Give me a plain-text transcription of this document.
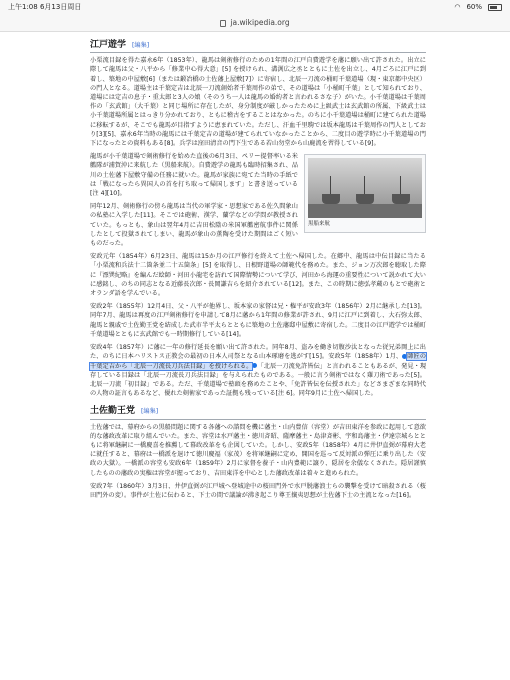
上午1:08 6月13日周日	◠ 60%
ja.wikipedia.org
江戸遊学 [編集]

小栗流目録を得た嘉永6年（1853年）、龍馬は剣術修行のための1年間の江戸自費遊学を藩に願い出て許された。出立に際して龍馬は父・八平から「修業中心得大意」[5] を授けられ、溝渕広之丞とともに土佐を出立し、4月ごろに江戸に到着し、築地の中屋敷[6]（または鍛冶橋の土佐藩上屋敷[7]）に寄宿し、北辰一刀流の桶町千葉道場（現・東京都中央区）の門人となる。道場主は千葉定吉は北辰一刀流創始者千葉周作の弟で、その道場は「小桶町千葉」として知られており、道場には定吉の息子・重太郎と3人の娘（そのうち一人は龍馬の婚約者と言われるさな子）がいた。小千葉道場は千葉周作の「玄武館」（大千葉）と同じ場所に存在したが、身分制度が厳しかったために上級武士は玄武館の所属、下級武士は小千葉道場所属とはっきり分かれており、ともに稽古をすることはなかった。のちに小千葉道場は桶町に建てられた道場に移転するが、そこでも龍馬が目指すように恵まれていた。ただし、汗血千里駒では坂本龍馬は千葉周作の門人としており[3][5]、嘉永6年当時の龍馬には千葉定吉の道場が建てられていなかったことから、二度目の遊学時に小千葉道場の門下になったとの資料もある[8]。兵学は窪田清音の門下生である若山勿堂から山鹿流を習得している[9]。

黒船来航

龍馬が小千葉道場で剣術修行を始めた直後の6月3日、ペリー提督率いる米艦隊が浦賀沖に来航した（黒船来航）。自費遊学の龍馬も臨時招集され、品川の土佐藩下屋敷守備の任務に就いた。龍馬が家族に宛てた当時の手紙では「戦になったら異国人の首を打ち取って帰国します」と書き送っている[注 4][10]。

同年12月、剣術修行の傍ら龍馬は当代の軍学家・思想家である佐久間象山の私塾に入学した[11]。そこでは砲術、漢学、蘭学などの学問が教授されていた。もっとも、象山は翌年4月に吉田松陰の米国軍艦密航事件に関係したとして投獄されてしまい、龍馬が象山の薫陶を受けた期間はごく短いものだった。

安政元年（1854年）6月23日、龍馬は15か月の江戸修行を終えて土佐へ帰国した。在郷中、龍馬は中伝目録に当たる「小栗流和兵法十二箇条並二十五箇条」[5] を取得し、日根野道場の師範代を務めた。また、ジョン万次郎を聴取した際に『漂巽紀略』を編んだ絵師・河田小龍宅を訪れて国際情勢について学び、河田から海運の重要性について説かれて大いに感銘し、のちの同志となる近藤長次郎・長岡謙吉らを紹介されている[12]。また、この時期に徳弘孝蔵のもとで砲術とオランダ語を学んでいる。

安政2年（1855年）12月4日、父・八平が他界し、坂本家の家督は兄・権平が安政3年（1856年）2月に継承した[13]。同年7月、龍馬は再度の江戸剣術修行を申請して8月に藩から1年間の修業が許され、9月に江戸に到着し、大石弥太郎、龍馬と親戚で土佐勤王党を結成した武市半平太らとともに築地の土佐藩邸中屋敷に寄宿した。二度目の江戸遊学では桶町千葉道場とともに玄武館でも一時期修行している[14]。

安政4年（1857年）に藩に一年の修行延長を願い出て許された。同年8月、盗みを働き切腹沙汰となった従兄弟岡上に出た、のちに日本ハリストス正教会の最初の日本人司祭となる山本琢磨を逃がす[15]。安政5年（1858年）1月、 師匠の千葉定吉から「北辰一刀流長刀兵法目録」を授けられる。 「北辰一刀流免許皆伝」と言われることもあるが、発見・現存している目録は「北辰一刀流長刀兵法目録」を与えられたものである。一般に言う剣術ではなく薙刀術であった[5]。北辰一刀流「初目録」である。ただ、千葉道場で塾頭を務めたことや、「免許皆伝を伝授された」などさまざまな同時代の人物の証言もあるなど、優れた剣術家であった証拠も残っている[注 6]。同年9月に土佐へ帰国した。

土佐勤王党 [編集]

土佐藩では、幕府からの黒船問題に関する各藩への諮問を機に藩主・山内豊信（容堂）が吉田東洋を参政に起用して意欲的な藩政改革に取り組んでいた。また、容堂は水戸藩主・徳川斉昭、薩摩藩主・島津斉彬、宇和島藩主・伊達宗城らとともに将軍継嗣に一橋慶喜を推薦して幕政改革をも企図していた。しかし、安政5年（1858年）4月に井伊直弼が幕府大老に就任すると、幕府は一橋派を退けて徳川慶福（家茂）を将軍継嗣に定め、開国を巡って反対派の弾圧に乗り出した（安政の大獄）。一橋派の容堂も安政6年（1859年）2月に家督を養子・山内豊範に譲り、隠居を余儀なくされた。隠居謹慎したものの藩政の実権は容堂が握っており、吉田東洋を中心とした藩政改革は着々と進められた。

安政7年（1860年）3月3日、井伊直弼が江戸城へ登城途中の桜田門外で水戸脱藩浪士らの襲撃を受けて暗殺される（桜田門外の変）。事件が土佐に伝わると、下士の間で議論が沸き起こり尊王攘夷思想が土佐藩下士の主流となった[16]。
